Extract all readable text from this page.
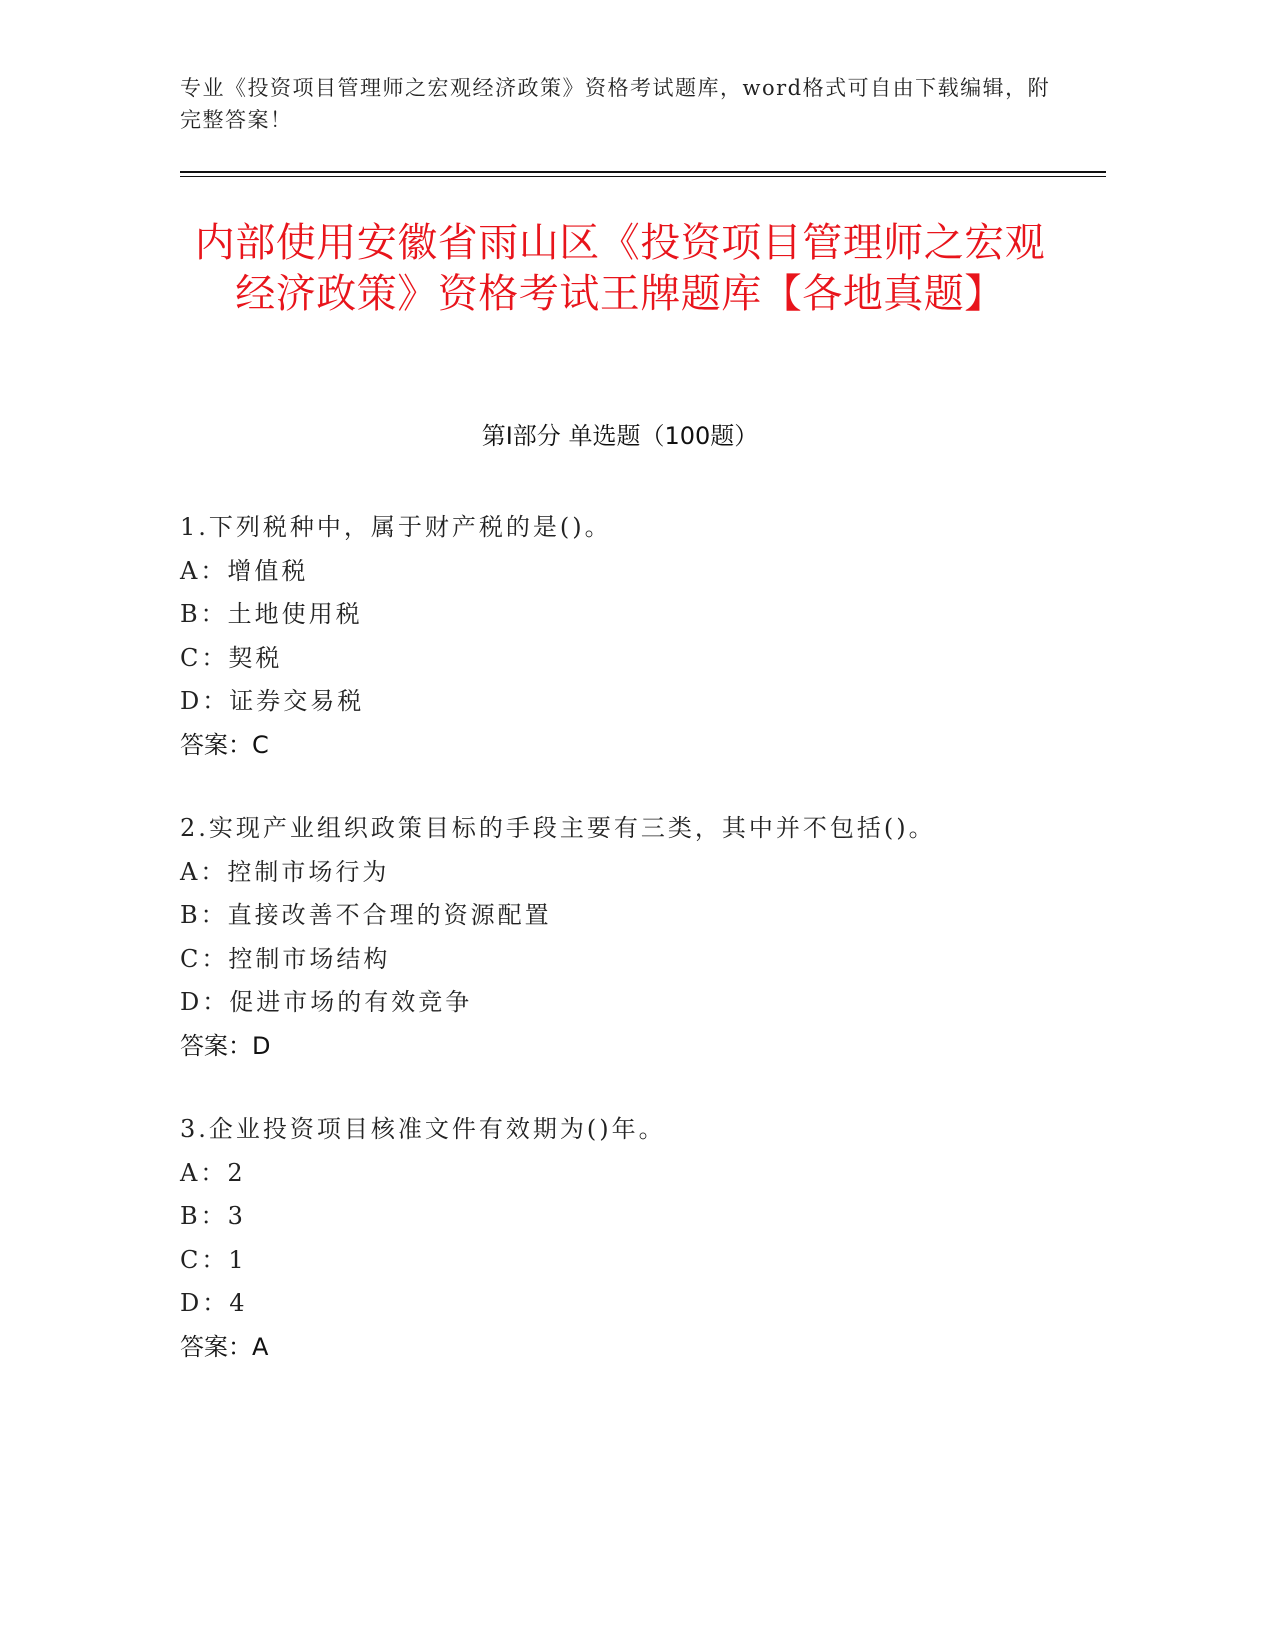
专业《投资项目管理师之宏观经济政策》资格考试题库，word格式可自由下载编辑，附完整答案！
内部使用安徽省雨山区《投资项目管理师之宏观经济政策》资格考试王牌题库【各地真题】
第I部分 单选题（100题）
1.下列税种中，属于财产税的是()。
A：增值税
B：土地使用税
C：契税
D：证券交易税
答案：C
2.实现产业组织政策目标的手段主要有三类，其中并不包括()。
A：控制市场行为
B：直接改善不合理的资源配置
C：控制市场结构
D：促进市场的有效竞争
答案：D
3.企业投资项目核准文件有效期为()年。
A：2
B：3
C：1
D：4
答案：A
